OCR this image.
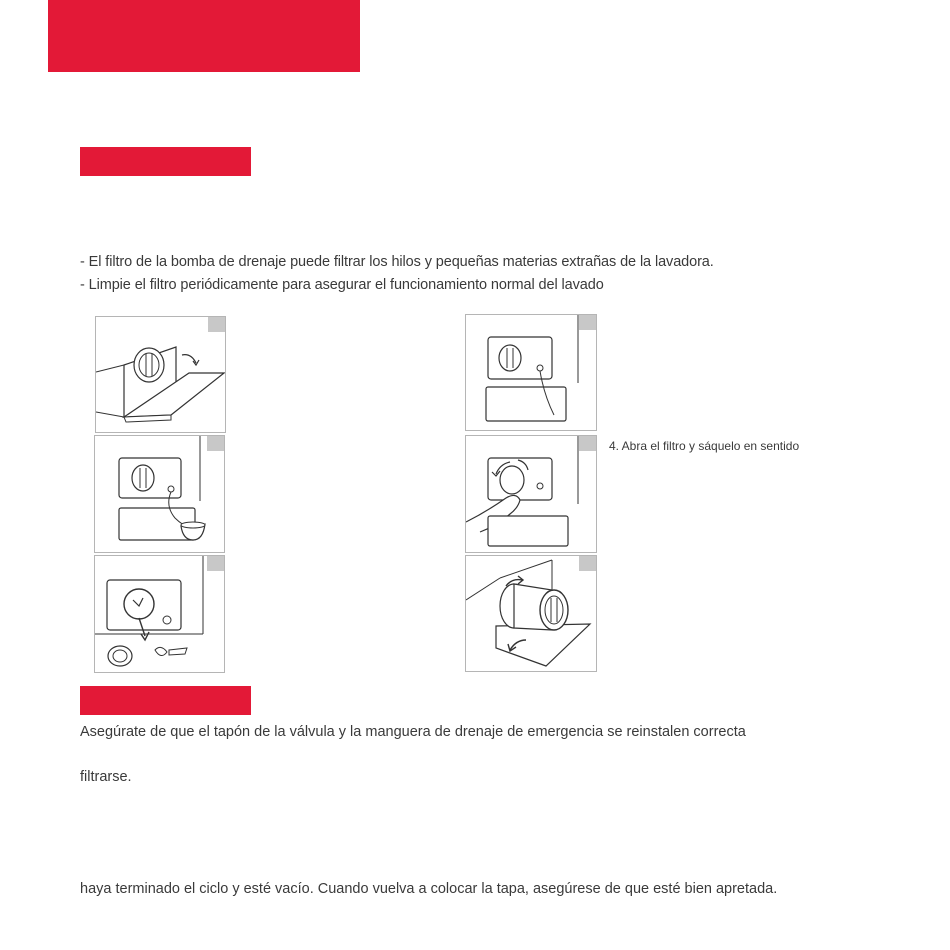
- El filtro de la bomba de drenaje puede filtrar los hilos y pequeñas materias extrañas de la lavadora.
- Limpie el filtro periódicamente para asegurar el funcionamiento normal del lavado
4. Abra el filtro y sáquelo en sentido
Asegúrate de que el tapón de la válvula y la manguera de drenaje de emergencia se reinstalen correcta
filtrarse.
haya terminado el ciclo y esté vacío. Cuando vuelva a colocar la tapa, asegúrese de que esté bien apretada.
